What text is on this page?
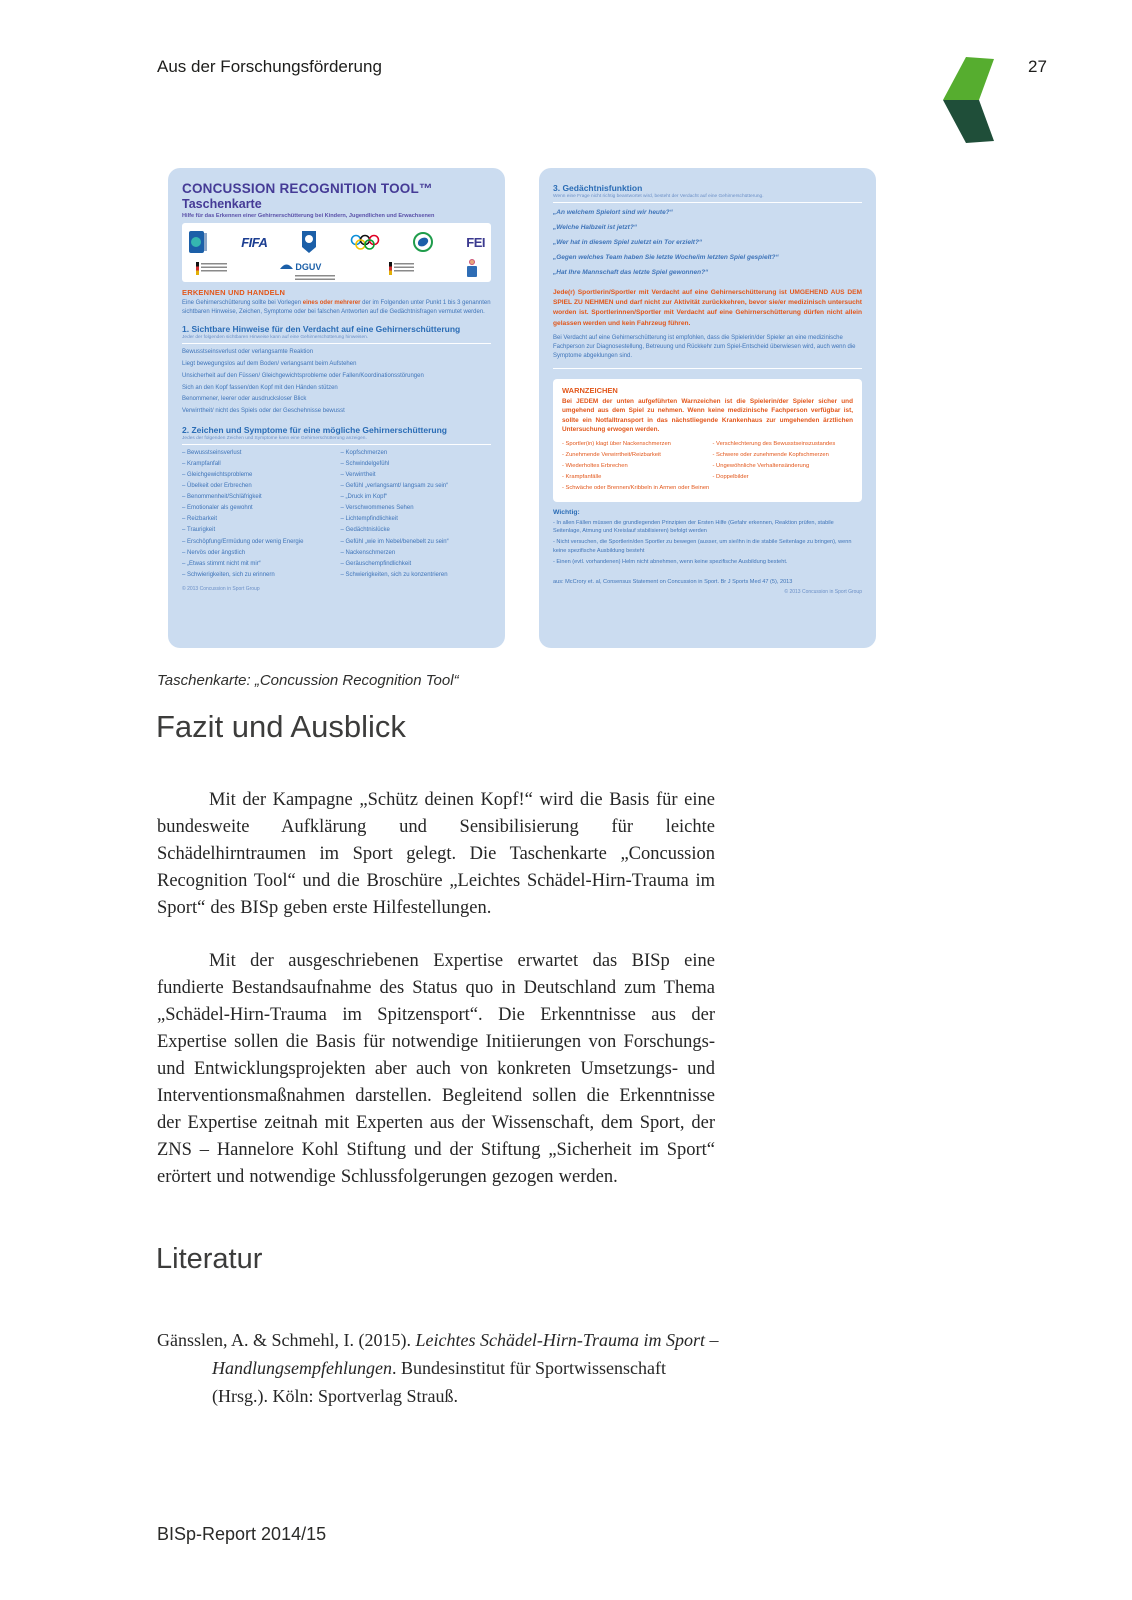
Aus der Forschungsförderung	27
CONCUSSION RECOGNITION TOOL™
Taschenkarte
Hilfe für das Erkennen einer Gehirnerschütterung bei Kindern, Jugendlichen und Erwachsenen
FIFA	FEI
DGUV
ERKENNEN UND HANDELN
Eine Gehirnerschütterung sollte bei Vorlegen eines oder mehrerer der im Folgenden unter Punkt 1 bis 3 genannten sichtbaren Hinweise, Zeichen, Symptome oder bei falschen Antworten auf die Gedächtnisfragen vermutet werden.
1. Sichtbare Hinweise für den Verdacht auf eine Gehirnerschütterung
Jeder der folgenden sichtbaren Hinweise kann auf eine Gehirnerschütterung hinweisen.
Bewusstseinsverlust oder verlangsamte Reaktion
Liegt bewegungslos auf dem Boden/ verlangsamt beim Aufstehen
Unsicherheit auf den Füssen/ Gleichgewichtsprobleme oder Fallen/Koordinationsstörungen
Sich an den Kopf fassen/den Kopf mit den Händen stützen
Benommener, leerer oder ausdrucksloser Blick
Verwirrtheit/ nicht des Spiels oder der Geschehnisse bewusst
2. Zeichen und Symptome für eine mögliche Gehirnerschütterung
Jedes der folgenden Zeichen und Symptome kann eine Gehirnerschütterung anzeigen.
– Bewusstseinsverlust
– Krampfanfall
– Gleichgewichtsprobleme
– Übelkeit oder Erbrechen
– Benommenheit/Schläfrigkeit
– Emotionaler als gewohnt
– Reizbarkeit
– Traurigkeit
– Erschöpfung/Ermüdung oder wenig Energie
– Nervös oder ängstlich
– „Etwas stimmt nicht mit mir“
– Schwierigkeiten, sich zu erinnern
– Kopfschmerzen
– Schwindelgefühl
– Verwirrtheit
– Gefühl „verlangsamt/ langsam zu sein“
– „Druck im Kopf“
– Verschwommenes Sehen
– Lichtempfindlichkeit
– Gedächtnislücke
– Gefühl „wie im Nebel/benebelt zu sein“
– Nackenschmerzen
– Geräuschempfindlichkeit
– Schwierigkeiten, sich zu konzentrieren
© 2013 Concussion in Sport Group
3. Gedächtnisfunktion
Wenn eine Frage nicht richtig beantwortet wird, besteht der Verdacht auf eine Gehirnerschütterung.
„An welchem Spielort sind wir heute?“
„Welche Halbzeit ist jetzt?“
„Wer hat in diesem Spiel zuletzt ein Tor erzielt?“
„Gegen welches Team haben Sie letzte Woche/im letzten Spiel gespielt?“
„Hat Ihre Mannschaft das letzte Spiel gewonnen?“
Jede(r) Sportlerin/Sportler mit Verdacht auf eine Gehirnerschütterung ist UMGEHEND AUS DEM SPIEL ZU NEHMEN und darf nicht zur Aktivität zurückkehren, bevor sie/er medizinisch untersucht worden ist. Sportlerinnen/Sportler mit Verdacht auf eine Gehirnerschütterung dürfen nicht allein gelassen werden und kein Fahrzeug führen.
Bei Verdacht auf eine Gehirnerschütterung ist empfohlen, dass die Spielerin/der Spieler an eine medizinische Fachperson zur Diagnosestellung, Betreuung und Rückkehr zum Spiel-Entscheid überwiesen wird, auch wenn die Symptome abgeklungen sind.
WARNZEICHEN
Bei JEDEM der unten aufgeführten Warnzeichen ist die Spielerin/der Spieler sicher und umgehend aus dem Spiel zu nehmen. Wenn keine medizinische Fachperson verfügbar ist, sollte ein Notfalltransport in das nächstliegende Krankenhaus zur umgehenden ärztlichen Untersuchung erwogen werden.
- Sportler(in) klagt über Nackenschmerzen
- Zunehmende Verwirrtheit/Reizbarkeit
- Wiederholtes Erbrechen
- Krampfanfälle
- Verschlechterung des Bewusstseinszustandes
- Schwere oder zunehmende Kopfschmerzen
- Ungewöhnliche Verhaltensänderung
- Doppelbilder
- Schwäche oder Brennen/Kribbeln in Armen oder Beinen
Wichtig:
- In allen Fällen müssen die grundlegenden Prinzipien der Ersten Hilfe (Gefahr erkennen, Reaktion prüfen, stabile Seitenlage, Atmung und Kreislauf stabilisieren) befolgt werden
- Nicht versuchen, die Sportlerin/den Sportler zu bewegen (ausser, um sie/ihn in die stabile Seitenlage zu bringen), wenn keine spezifische Ausbildung besteht
- Einen (evtl. vorhandenen) Helm nicht abnehmen, wenn keine spezifische Ausbildung besteht.
aus: McCrory et. al, Consensus Statement on Concussion in Sport. Br J Sports Med 47 (5), 2013
© 2013 Concussion in Sport Group
Taschenkarte: „Concussion Recognition Tool“
Fazit und Ausblick

Mit der Kampagne „Schütz deinen Kopf!“ wird die Basis für eine bundesweite Aufklärung und Sensibilisierung für leichte Schädelhirntraumen im Sport gelegt. Die Taschenkarte „Concussion Recognition Tool“ und die Broschüre „Leichtes Schädel-Hirn-Trauma im Sport“ des BISp geben erste Hilfestellungen.

Mit der ausgeschriebenen Expertise erwartet das BISp eine fundierte Bestandsaufnahme des Status quo in Deutschland zum Thema „Schädel-Hirn-Trauma im Spitzensport“. Die Erkenntnisse aus der Expertise sollen die Basis für notwendige Initiierungen von Forschungs- und Entwicklungsprojekten aber auch von konkreten Umsetzungs- und Interventionsmaßnahmen darstellen. Begleitend sollen die Erkenntnisse der Expertise zeitnah mit Experten aus der Wissenschaft, dem Sport, der ZNS – Hannelore Kohl Stiftung und der Stiftung „Sicherheit im Sport“ erörtert und notwendige Schlussfolgerungen gezogen werden.

Literatur

Gänsslen, A. & Schmehl, I. (2015). Leichtes Schädel-Hirn-Trauma im Sport – Handlungsempfehlungen. Bundesinstitut für Sportwissenschaft (Hrsg.). Köln: Sportverlag Strauß.

BISp-Report 2014/15
